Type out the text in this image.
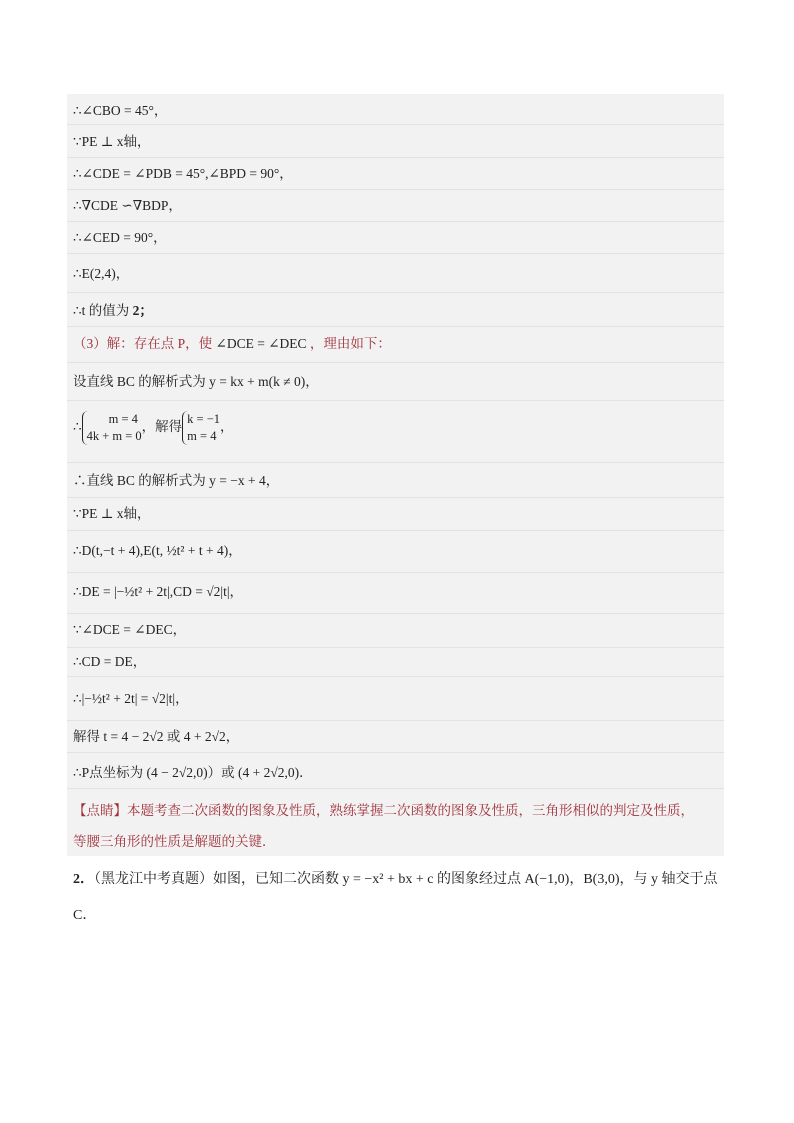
∴∠CBO = 45°，
∵PE ⊥ x轴，
∴∠CDE = ∠PDB = 45°,∠BPD = 90°，
∴∇CDE ∽∇BDP，
∴∠CED = 90°，
∴E(2,4)，
∴t 的值为 2；
（3）解：存在点 P，使 ∠DCE = ∠DEC ，理由如下：
设直线 BC 的解析式为 y = kx + m(k ≠ 0)，
∴
m = 4
4k + m = 0
，解得
k = −1
m = 4
，
∴直线 BC 的解析式为 y = −x + 4，
∵PE ⊥ x轴，
∴D(t,−t + 4),E(t, ½t² + t + 4)，
∴DE = |−½t² + 2t|,CD = √2|t|，
∵∠DCE = ∠DEC，
∴CD = DE，
∴|−½t² + 2t| = √2|t|，
解得 t = 4 − 2√2 或 4 + 2√2，
∴P点坐标为 (4 − 2√2,0)）或 (4 + 2√2,0)．
【点睛】本题考查二次函数的图象及性质，熟练掌握二次函数的图象及性质，三角形相似的判定及性质，
等腰三角形的性质是解题的关键．
2．（黑龙江中考真题）如图，已知二次函数 y = −x² + bx + c 的图象经过点 A(−1,0)，B(3,0)，与 y 轴交于点
C．
